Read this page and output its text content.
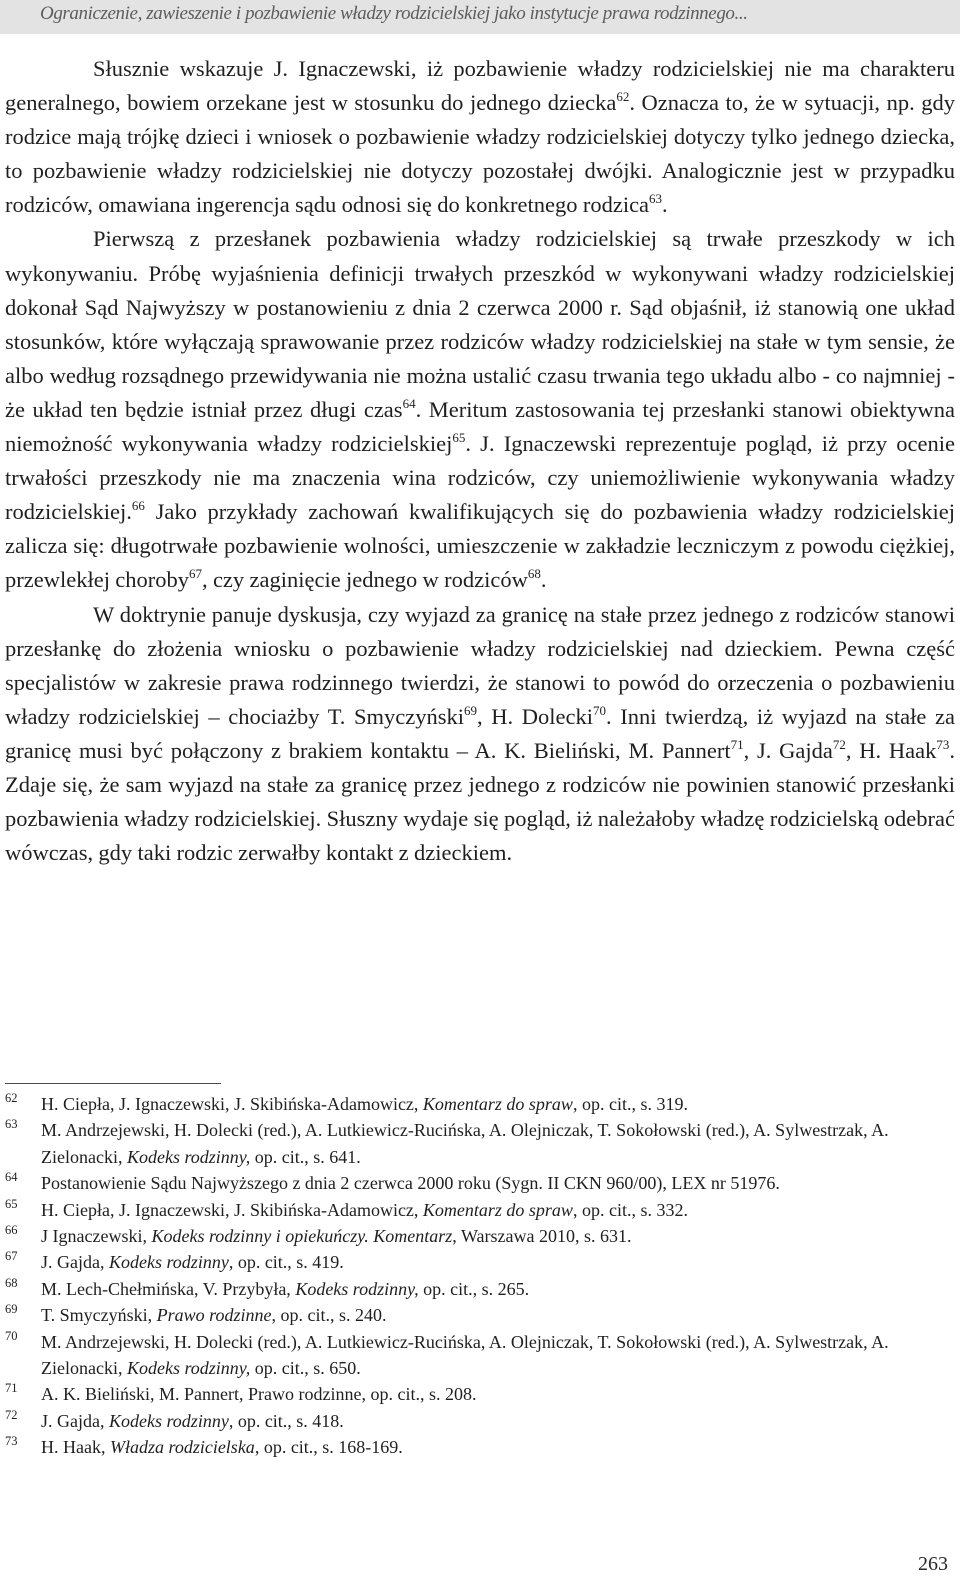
Ograniczenie, zawieszenie i pozbawienie władzy rodzicielskiej jako instytucje prawa rodzinnego...

Słusznie wskazuje J. Ignaczewski, iż pozbawienie władzy rodzicielskiej nie ma charakteru generalnego, bowiem orzekane jest w stosunku do jednego dziecka$^{62}$. Oznacza to, że w sytuacji, np. gdy rodzice mają trójkę dzieci i wniosek o pozbawienie władzy rodzicielskiej dotyczy tylko jednego dziecka, to pozbawienie władzy rodzicielskiej nie dotyczy pozostałej dwójki. Analogicznie jest w przypadku rodziców, omawiana ingerencja sądu odnosi się do konkretnego rodzica$^{63}$.

Pierwszą z przesłanek pozbawienia władzy rodzicielskiej są trwałe przeszkody w ich wykonywaniu. Próbę wyjaśnienia definicji trwałych przeszkód w wykonywani władzy rodzicielskiej dokonał Sąd Najwyższy w postanowieniu z dnia 2 czerwca 2000 r. Sąd objaśnił, iż stanowią one układ stosunków, które wyłączają sprawowanie przez rodziców władzy rodzicielskiej na stałe w tym sensie, że albo według rozsądnego przewidywania nie można ustalić czasu trwania tego układu albo - co najmniej - że układ ten będzie istniał przez długi czas$^{64}$. Meritum zastosowania tej przesłanki stanowi obiektywna niemożność wykonywania władzy rodzicielskiej$^{65}$. J. Ignaczewski reprezentuje pogląd, iż przy ocenie trwałości przeszkody nie ma znaczenia wina rodziców, czy uniemożliwienie wykonywania władzy rodzicielskiej.$^{66}$ Jako przykłady zachowań kwalifikujących się do pozbawienia władzy rodzicielskiej zalicza się: długotrwałe pozbawienie wolności, umieszczenie w zakładzie leczniczym z powodu ciężkiej, przewlekłej choroby$^{67}$, czy zaginięcie jednego w rodziców$^{68}$.

W doktrynie panuje dyskusja, czy wyjazd za granicę na stałe przez jednego z rodziców stanowi przesłankę do złożenia wniosku o pozbawienie władzy rodzicielskiej nad dzieckiem. Pewna część specjalistów w zakresie prawa rodzinnego twierdzi, że stanowi to powód do orzeczenia o pozbawieniu władzy rodzicielskiej – chociażby T. Smyczyński$^{69}$, H. Dolecki$^{70}$. Inni twierdzą, iż wyjazd na stałe za granicę musi być połączony z brakiem kontaktu – A. K. Bieliński, M. Pannert$^{71}$, J. Gajda$^{72}$, H. Haak$^{73}$. Zdaje się, że sam wyjazd na stałe za granicę przez jednego z rodziców nie powinien stanowić przesłanki pozbawienia władzy rodzicielskiej. Słuszny wydaje się pogląd, iż należałoby władzę rodzicielską odebrać wówczas, gdy taki rodzic zerwałby kontakt z dzieckiem.

62 H. Ciepła, J. Ignaczewski, J. Skibińska-Adamowicz, Komentarz do spraw, op. cit., s. 319.
63 M. Andrzejewski, H. Dolecki (red.), A. Lutkiewicz-Rucińska, A. Olejniczak, T. Sokołowski (red.), A. Sylwestrzak, A. Zielonacki, Kodeks rodzinny, op. cit., s. 641.
64 Postanowienie Sądu Najwyższego z dnia 2 czerwca 2000 roku (Sygn. II CKN 960/00), LEX nr 51976.
65 H. Ciepła, J. Ignaczewski, J. Skibińska-Adamowicz, Komentarz do spraw, op. cit., s. 332.
66 J Ignaczewski, Kodeks rodzinny i opiekuńczy. Komentarz, Warszawa 2010, s. 631.
67 J. Gajda, Kodeks rodzinny, op. cit., s. 419.
68 M. Lech-Chełmińska, V. Przybyła, Kodeks rodzinny, op. cit., s. 265.
69 T. Smyczyński, Prawo rodzinne, op. cit., s. 240.
70 M. Andrzejewski, H. Dolecki (red.), A. Lutkiewicz-Rucińska, A. Olejniczak, T. Sokołowski (red.), A. Sylwestrzak, A. Zielonacki, Kodeks rodzinny, op. cit., s. 650.
71 A. K. Bieliński, M. Pannert, Prawo rodzinne, op. cit., s. 208.
72 J. Gajda, Kodeks rodzinny, op. cit., s. 418.
73 H. Haak, Władza rodzicielska, op. cit., s. 168-169.
263
